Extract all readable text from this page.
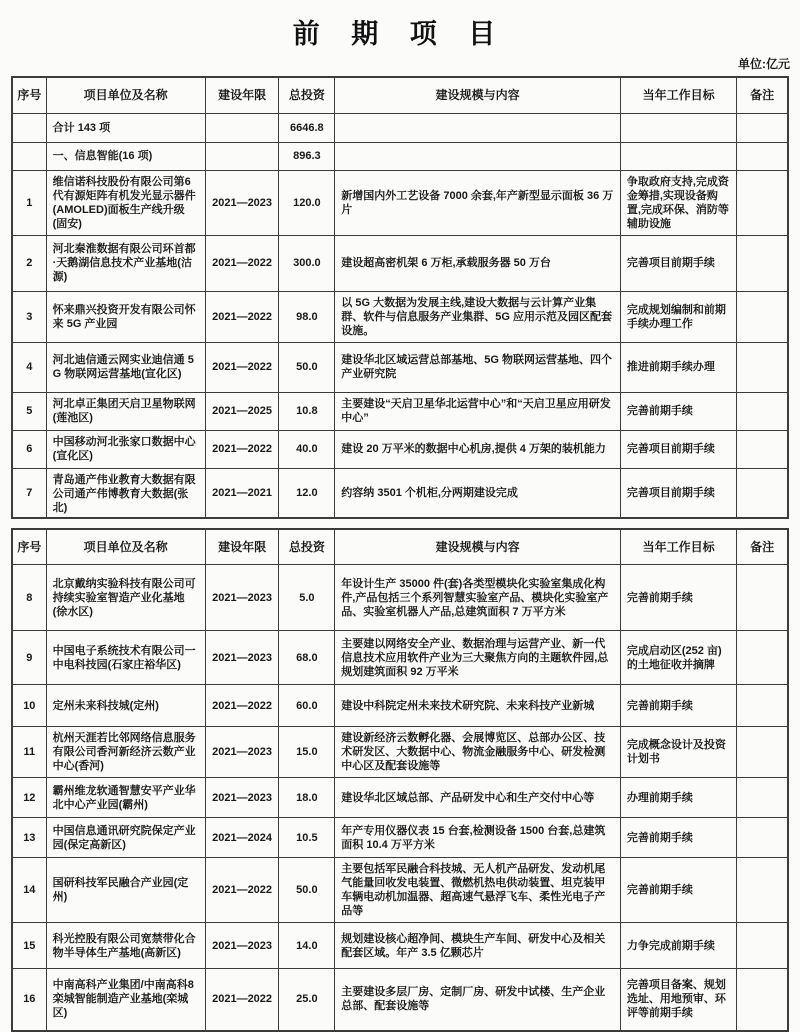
前 期 项 目
单位:亿元
序号	项目单位及名称	建设年限	总投资	建设规模与内容	当年工作目标	备注
	合计 143 项		6646.8			
	一、信息智能(16 项)		896.3			
1	维信诺科技股份有限公司第6代有源矩阵有机发光显示器件(AMOLED)面板生产线升级(固安)	2021—2023	120.0	新增国内外工艺设备 7000 余套,年产新型显示面板 36 万片	争取政府支持,完成资金筹措,实现设备购置,完成环保、消防等辅助设施	
2	河北秦淮数据有限公司环首都·天鹅湖信息技术产业基地(沽源)	2021—2022	300.0	建设超高密机架 6 万柜,承载服务器 50 万台	完善项目前期手续	
3	怀来鼎兴投资开发有限公司怀来 5G 产业园	2021—2022	98.0	以 5G 大数据为发展主线,建设大数据与云计算产业集群、软件与信息服务产业集群、5G 应用示范及园区配套设施。	完成规划编制和前期手续办理工作	
4	河北迪信通云网实业迪信通 5G 物联网运营基地(宣化区)	2021—2022	50.0	建设华北区域运营总部基地、5G 物联网运营基地、四个产业研究院	推进前期手续办理	
5	河北卓正集团天启卫星物联网(莲池区)	2021—2025	10.8	主要建设“天启卫星华北运营中心”和“天启卫星应用研发中心”	完善前期手续	
6	中国移动河北张家口数据中心(宣化区)	2021—2022	40.0	建设 20 万平米的数据中心机房,提供 4 万架的装机能力	完善项目前期手续	
7	青岛通产伟业教育大数据有限公司通产伟博教育大数据(张北)	2021—2021	12.0	约容纳 3501 个机柜,分两期建设完成	完善项目前期手续	
序号	项目单位及名称	建设年限	总投资	建设规模与内容	当年工作目标	备注
8	北京戴纳实验科技有限公司可持续实验室智造产业化基地(徐水区)	2021—2023	5.0	年设计生产 35000 件(套)各类型模块化实验室集成化构件,产品包括三个系列智慧实验室产品、模块化实验室产品、实验室机器人产品,总建筑面积 7 万平方米	完善前期手续	
9	中国电子系统技术有限公司一中电科技园(石家庄裕华区)	2021—2023	68.0	主要建以网络安全产业、数据治理与运营产业、新一代信息技术应用软件产业为三大聚焦方向的主题软件园,总规划建筑面积 92 万平米	完成启动区(252 亩)的土地征收并摘牌	
10	定州未来科技城(定州)	2021—2022	60.0	建设中科院定州未来技术研究院、未来科技产业新城	完善前期手续	
11	杭州天涯若比邻网络信息服务有限公司香河新经济云数产业中心(香河)	2021—2023	15.0	建设新经济云数孵化器、会展博览区、总部办公区、技术研发区、大数据中心、物流金融服务中心、研发检测中心区及配套设施等	完成概念设计及投资计划书	
12	霸州维龙软通智慧安平产业华北中心产业园(霸州)	2021—2023	18.0	建设华北区域总部、产品研发中心和生产交付中心等	办理前期手续	
13	中国信息通讯研究院保定产业园(保定高新区)	2021—2024	10.5	年产专用仪器仪表 15 台套,检测设备 1500 台套,总建筑面积 10.4 万平方米	完善前期手续	
14	国研科技军民融合产业园(定州)	2021—2022	50.0	主要包括军民融合科技城、无人机产品研发、发动机尾气能量回收发电装置、微燃机热电供动装置、坦克装甲车辆电动机加温器、超高速气悬浮飞车、柔性光电子产品等	完善前期手续	
15	科光控股有限公司宽禁带化合物半导体生产基地(高新区)	2021—2023	14.0	规划建设核心超净间、模块生产车间、研发中心及相关配套区域。年产 3.5 亿颗芯片	力争完成前期手续	
16	中南高科产业集团/中南高科8 栾城智能制造产业基地(栾城区)	2021—2022	25.0	主要建设多层厂房、定制厂房、研发中试楼、生产企业总部、配套设施等	完善项目备案、规划选址、用地预审、环评等前期手续	
